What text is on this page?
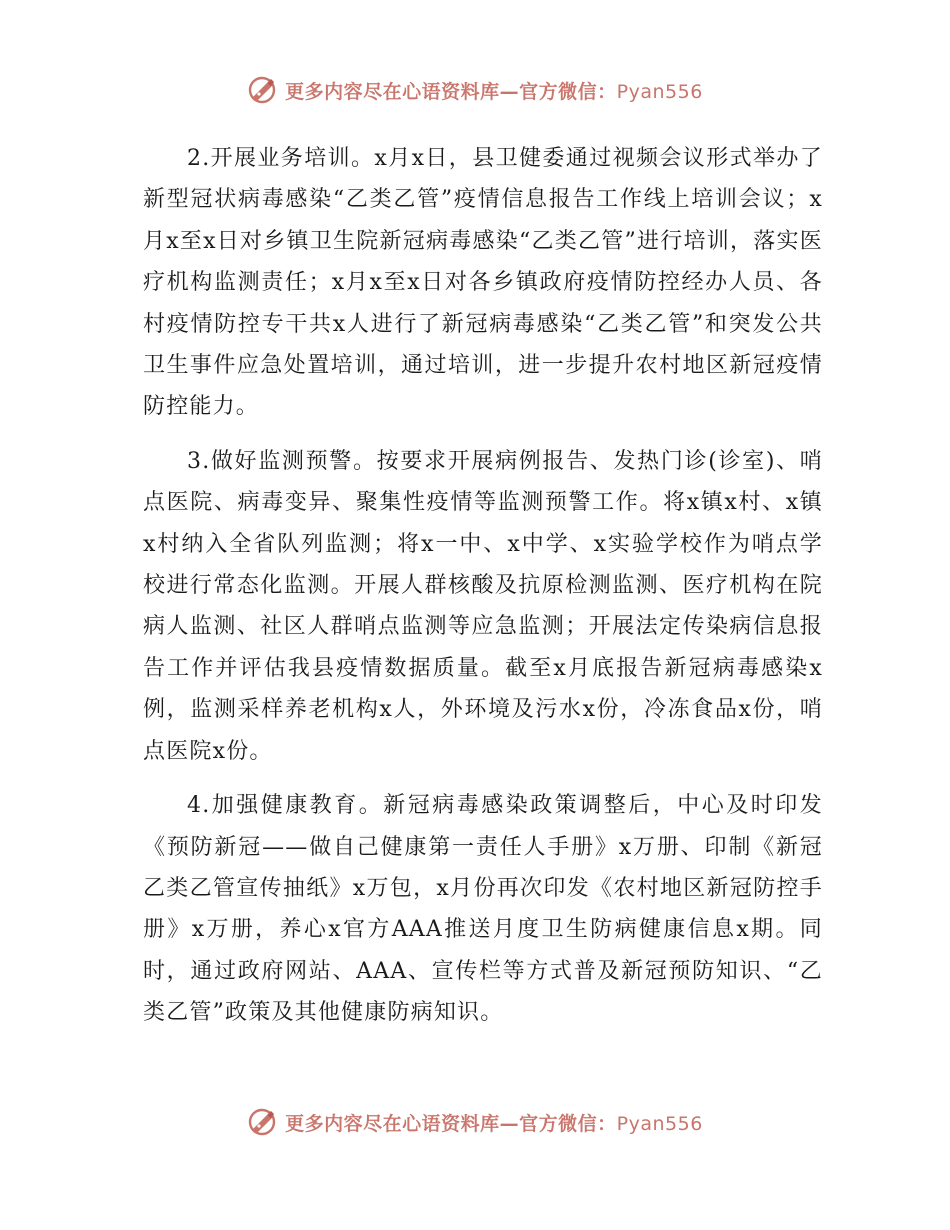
更多内容尽在心语资料库—官方微信：Pyan556

2.开展业务培训。x月x日，县卫健委通过视频会议形式举办了新型冠状病毒感染“乙类乙管”疫情信息报告工作线上培训会议；x月x至x日对乡镇卫生院新冠病毒感染“乙类乙管”进行培训，落实医疗机构监测责任；x月x至x日对各乡镇政府疫情防控经办人员、各村疫情防控专干共x人进行了新冠病毒感染“乙类乙管”和突发公共卫生事件应急处置培训，通过培训，进一步提升农村地区新冠疫情防控能力。

3.做好监测预警。按要求开展病例报告、发热门诊(诊室)、哨点医院、病毒变异、聚集性疫情等监测预警工作。将x镇x村、x镇x村纳入全省队列监测；将x一中、x中学、x实验学校作为哨点学校进行常态化监测。开展人群核酸及抗原检测监测、医疗机构在院病人监测、社区人群哨点监测等应急监测；开展法定传染病信息报告工作并评估我县疫情数据质量。截至x月底报告新冠病毒感染x例，监测采样养老机构x人，外环境及污水x份，冷冻食品x份，哨点医院x份。

4.加强健康教育。新冠病毒感染政策调整后，中心及时印发《预防新冠——做自己健康第一责任人手册》x万册、印制《新冠乙类乙管宣传抽纸》x万包，x月份再次印发《农村地区新冠防控手册》x万册，养心x官方AAA推送月度卫生防病健康信息x期。同时，通过政府网站、AAA、宣传栏等方式普及新冠预防知识、“乙类乙管”政策及其他健康防病知识。

更多内容尽在心语资料库—官方微信：Pyan556
